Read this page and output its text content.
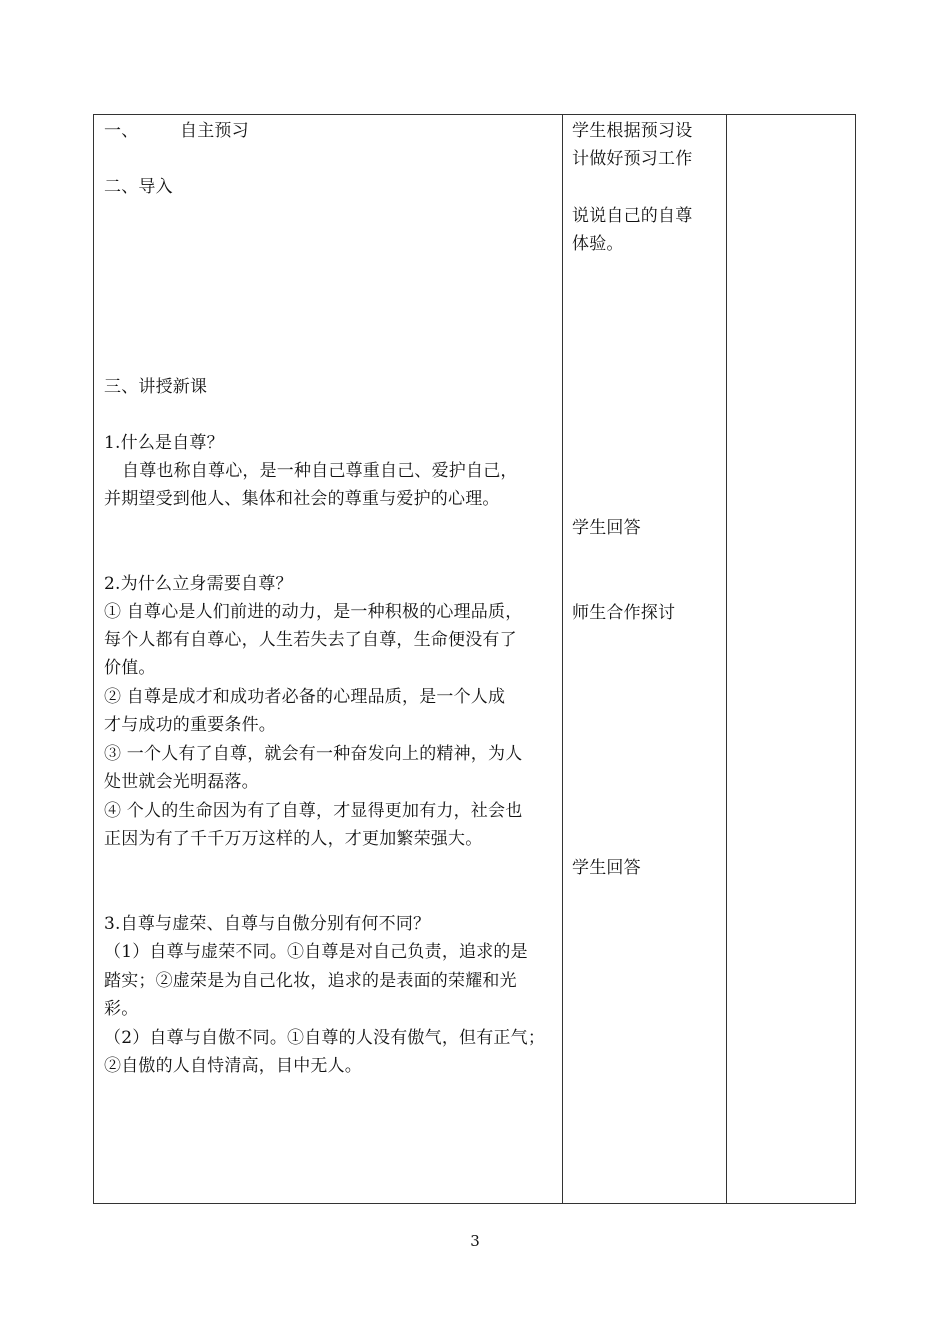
一、 自主预习
二、导入
三、讲授新课
1.什么是自尊？
自尊也称自尊心，是一种自己尊重自己、爱护自己，
并期望受到他人、集体和社会的尊重与爱护的心理。
2.为什么立身需要自尊？
① 自尊心是人们前进的动力，是一种积极的心理品质，
每个人都有自尊心，人生若失去了自尊，生命便没有了
价值。
② 自尊是成才和成功者必备的心理品质，是一个人成
才与成功的重要条件。
③ 一个人有了自尊，就会有一种奋发向上的精神，为人
处世就会光明磊落。
④ 个人的生命因为有了自尊，才显得更加有力，社会也
正因为有了千千万万这样的人，才更加繁荣强大。
3.自尊与虚荣、自尊与自傲分别有何不同？
（1）自尊与虚荣不同。①自尊是对自己负责，追求的是
踏实；②虚荣是为自己化妆，追求的是表面的荣耀和光
彩。
（2）自尊与自傲不同。①自尊的人没有傲气，但有正气；
②自傲的人自恃清高，目中无人。
学生根据预习设
计做好预习工作
说说自己的自尊
体验。
学生回答
师生合作探讨
学生回答
3
